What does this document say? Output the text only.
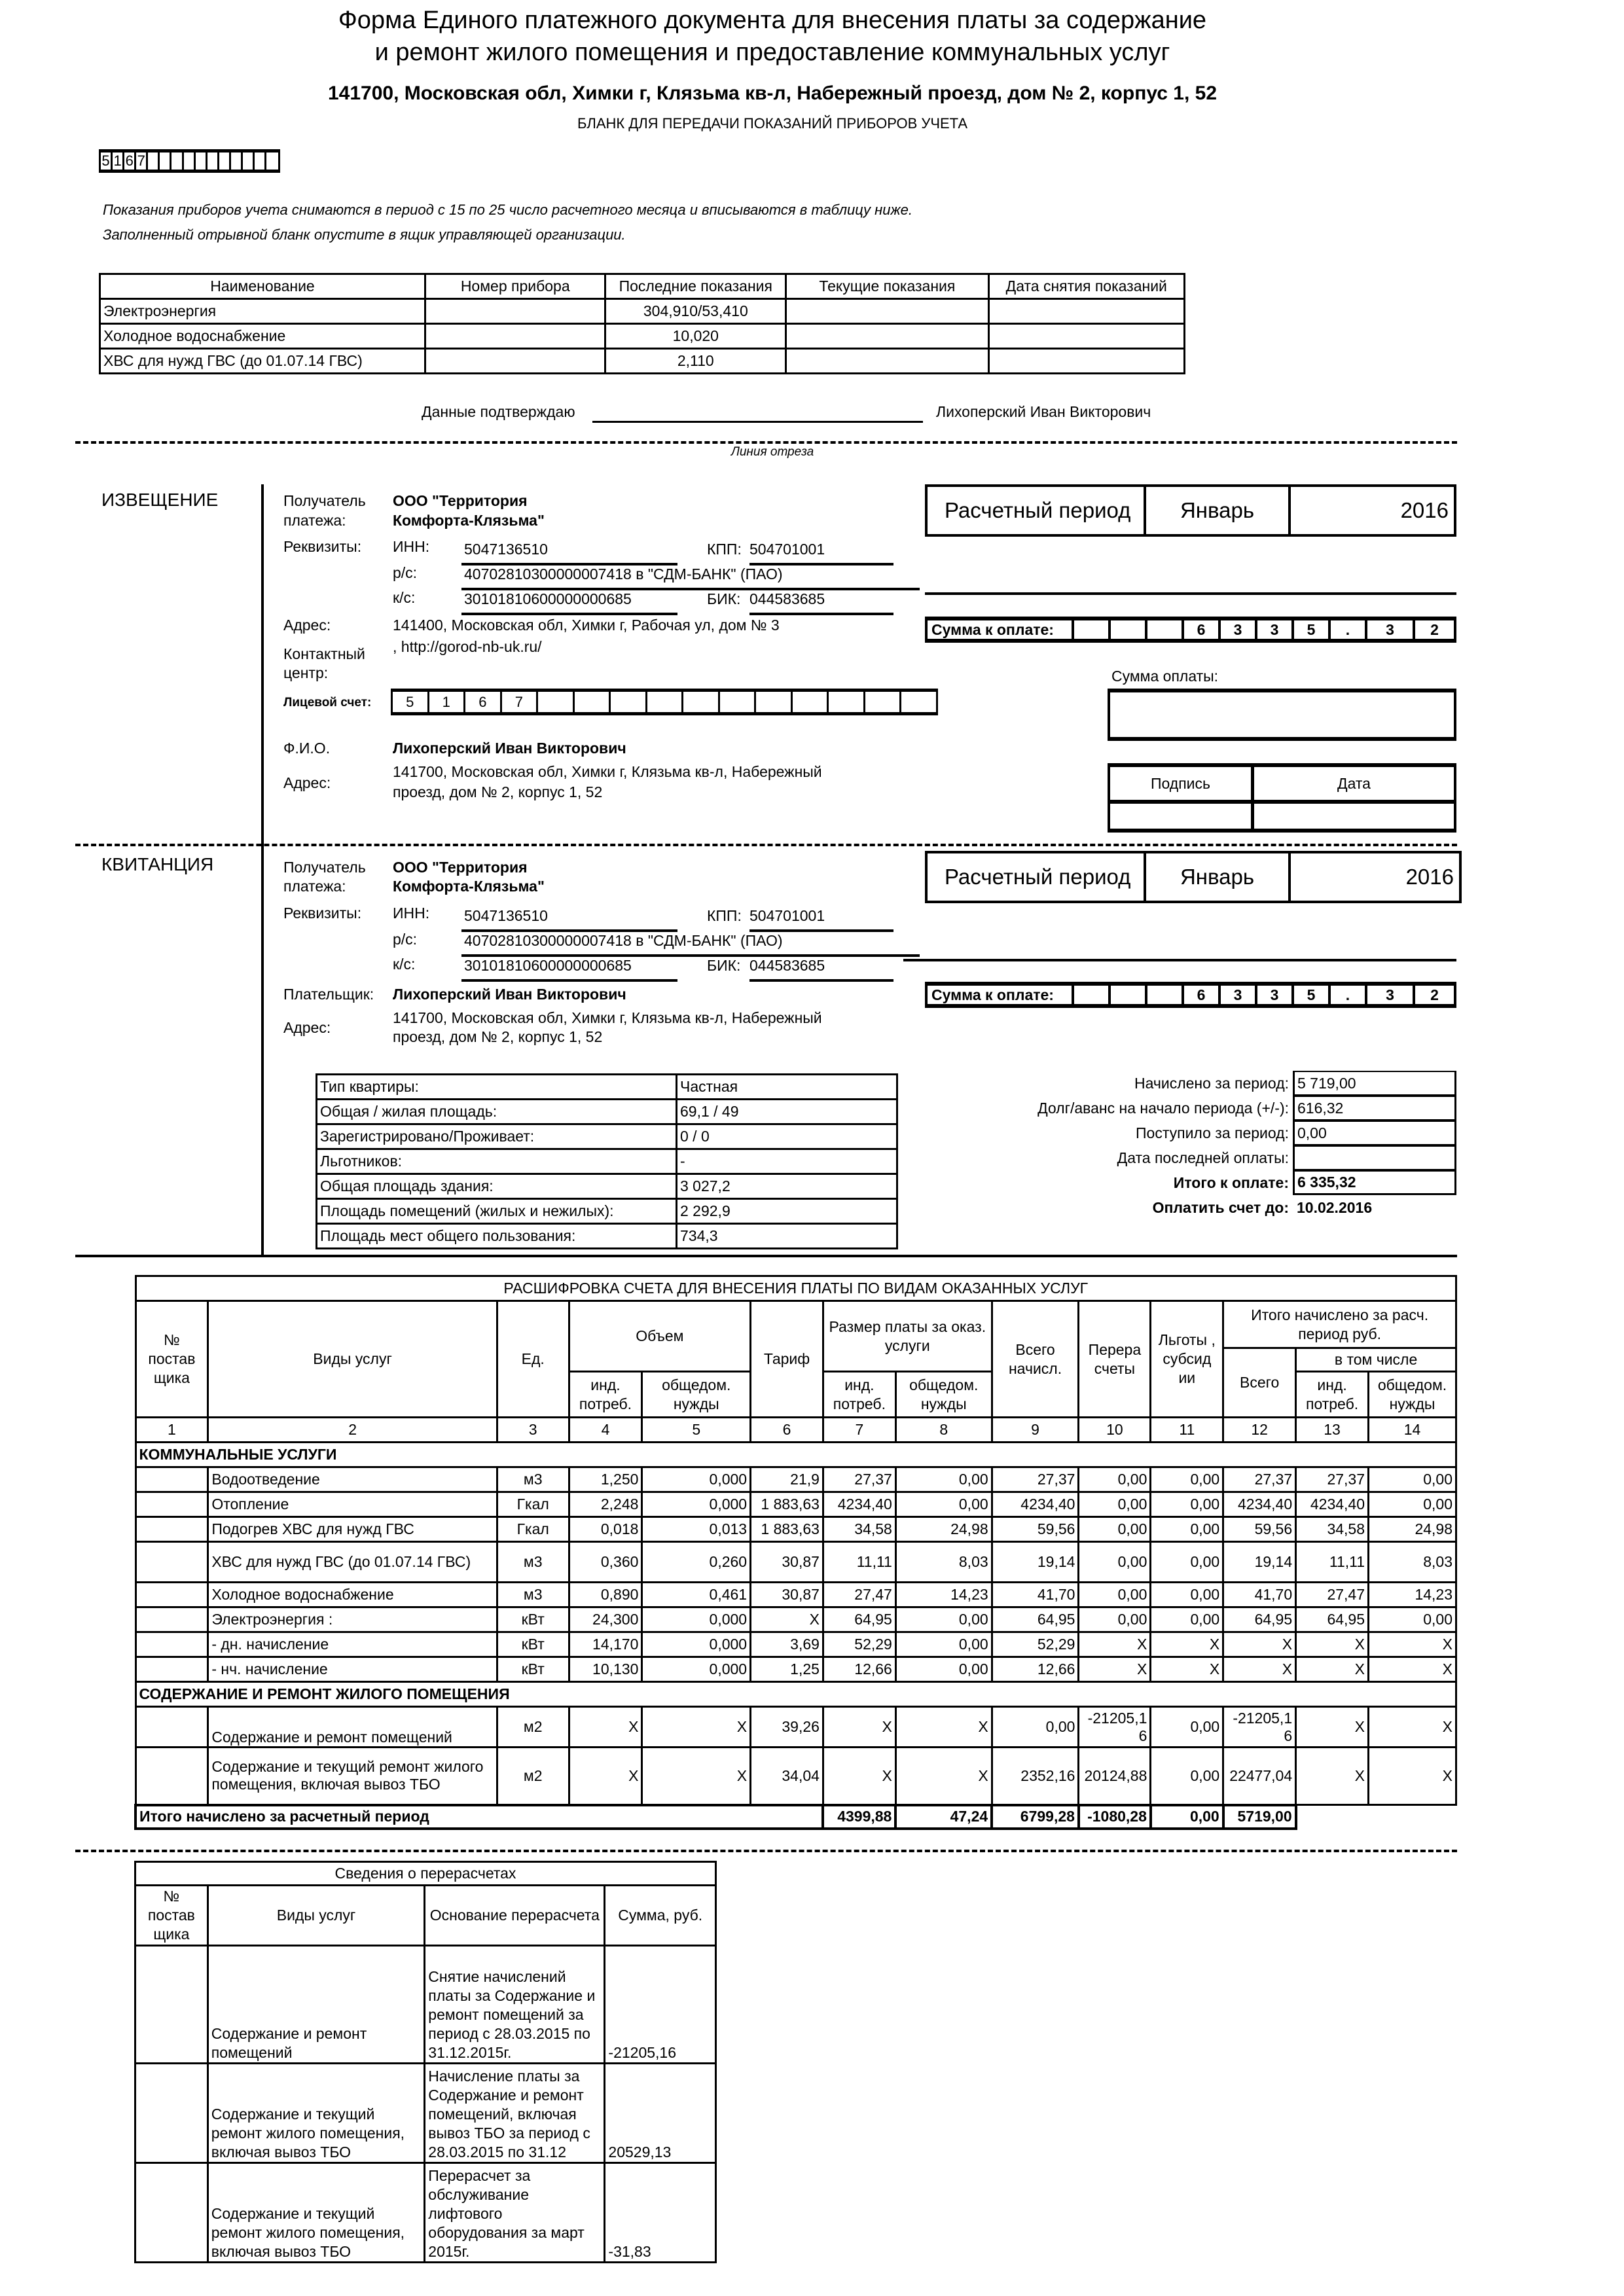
Форма Единого платежного документа для внесения платы за содержание
и ремонт жилого помещения и предоставление коммунальных услуг
141700, Московская обл, Химки г, Клязьма кв-л, Набережный проезд, дом № 2, корпус 1, 52
БЛАНК ДЛЯ ПЕРЕДАЧИ ПОКАЗАНИЙ ПРИБОРОВ УЧЕТА
5 1 6 7
Показания приборов учета снимаются в период с 15 по 25 число расчетного месяца и вписываются в таблицу ниже.
Заполненный отрывной бланк опустите в ящик управляющей организации.
Наименование	Номер прибора	Последние показания	Текущие показания	Дата снятия показаний
Электроэнергия		304,910/53,410		
Холодное водоснабжение		10,020		
ХВС для нужд ГВС (до 01.07.14 ГВС)		2,110		
Данные подтверждаю	Лихоперский Иван Викторович
Линия отреза
ИЗВЕЩЕНИЕ	Получатель
платежа:
ООО "Территория
Комфорта-Клязьма"
Реквизиты: ИНН: 5047136510	КПП: 504701001
р/с:	40702810300000007418 в "СДМ-БАНК" (ПАО)
к/с:	30101810600000000685	БИК: 044583685
Адрес:	141400, Московская обл, Химки г, Рабочая ул, дом № 3
Контактный
центр:
, http://gorod-nb-uk.ru/
Лицевой счет:	5	1	6	7
Ф.И.О.	Лихоперский Иван Викторович
Адрес:
141700, Московская обл, Химки г, Клязьма кв-л, Набережный
проезд, дом № 2, корпус 1, 52
Расчетный период	Январь	2016
Сумма к оплате:	6	3	3	5	.	3	2
Сумма оплаты:
Подпись	Дата
КВИТАНЦИЯ	Получатель
платежа:
ООО "Территория
Комфорта-Клязьма"
Реквизиты: ИНН: 5047136510	КПП: 504701001
р/с:	40702810300000007418 в "СДМ-БАНК" (ПАО)
к/с:	30101810600000000685	БИК: 044583685
Плательщик: Лихоперский Иван Викторович
Адрес:
141700, Московская обл, Химки г, Клязьма кв-л, Набережный
проезд, дом № 2, корпус 1, 52
Расчетный период	Январь	2016
Сумма к оплате:	6	3	3	5	.	3	2
Тип квартиры:	Частная
Общая / жилая площадь:	69,1 / 49
Зарегистрировано/Проживает:	0 / 0
Льготников:	-
Общая площадь здания:	3 027,2
Площадь помещений (жилых и нежилых):	2 292,9
Площадь мест общего пользования:	734,3
Начислено за период: 5 719,00
Долг/аванс на начало периода (+/-): 616,32
Поступило за период: 0,00
Дата последней оплаты:
Итого к оплате: 6 335,32
Оплатить счет до: 10.02.2016
РАСШИФРОВКА СЧЕТА ДЛЯ ВНЕСЕНИЯ ПЛАТЫ ПО ВИДАМ ОКАЗАННЫХ УСЛУГ													
№ постав щика	Виды услуг	Ед.	Объем		Тариф	Размер платы за оказ. услуги		Всего начисл.	Перера счеты	Льготы , субсид ии	Итого начислено за расч. период руб.		
											Всего	в том числе	
			инд. потреб.	общедом. нужды		инд. потреб.	общедом. нужды					инд. потреб.	общедом. нужды
1	2	3	4	5	6	7	8	9	10	11	12	13	14
КОММУНАЛЬНЫЕ УСЛУГИ													
	Водоотведение	м3	1,250	0,000	21,9	27,37	0,00	27,37	0,00	0,00	27,37	27,37	0,00
	Отопление	Гкал	2,248	0,000	1 883,63	4234,40	0,00	4234,40	0,00	0,00	4234,40	4234,40	0,00
	Подогрев ХВС для нужд ГВС	Гкал	0,018	0,013	1 883,63	34,58	24,98	59,56	0,00	0,00	59,56	34,58	24,98
	ХВС для нужд ГВС (до 01.07.14 ГВС)	м3	0,360	0,260	30,87	11,11	8,03	19,14	0,00	0,00	19,14	11,11	8,03
	Холодное водоснабжение	м3	0,890	0,461	30,87	27,47	14,23	41,70	0,00	0,00	41,70	27,47	14,23
	Электроэнергия :	кВт	24,300	0,000	X	64,95	0,00	64,95	0,00	0,00	64,95	64,95	0,00
	- дн. начисление	кВт	14,170	0,000	3,69	52,29	0,00	52,29	X	X	X	X	X
	- нч. начисление	кВт	10,130	0,000	1,25	12,66	0,00	12,66	X	X	X	X	X
СОДЕРЖАНИЕ И РЕМОНТ ЖИЛОГО ПОМЕЩЕНИЯ													
	Содержание и ремонт помещений	м2	X	X	39,26	X	X	0,00	-21205,16	0,00	-21205,16	X	X
	Содержание и текущий ремонт жилого помещения, включая вывоз ТБО	м2	X	X	34,04	X	X	2352,16	20124,88	0,00	22477,04	X	X
Итого начислено за расчетный период						4399,88	47,24	6799,28	-1080,28	0,00	5719,00		
Сведения о перерасчетах			
№ постав щика	Виды услуг	Основание перерасчета	Сумма, руб.
	Содержание и ремонт помещений	Снятие начислений платы за Содержание и ремонт помещений за период с 28.03.2015 по 31.12.2015г.	-21205,16
	Содержание и текущий ремонт жилого помещения, включая вывоз ТБО	Начисление платы за Содержание и ремонт помещений, включая вывоз ТБО за период с 28.03.2015 по 31.12	20529,13
	Содержание и текущий ремонт жилого помещения, включая вывоз ТБО	Перерасчет за обслуживание лифтового оборудования за март 2015г.	-31,83
